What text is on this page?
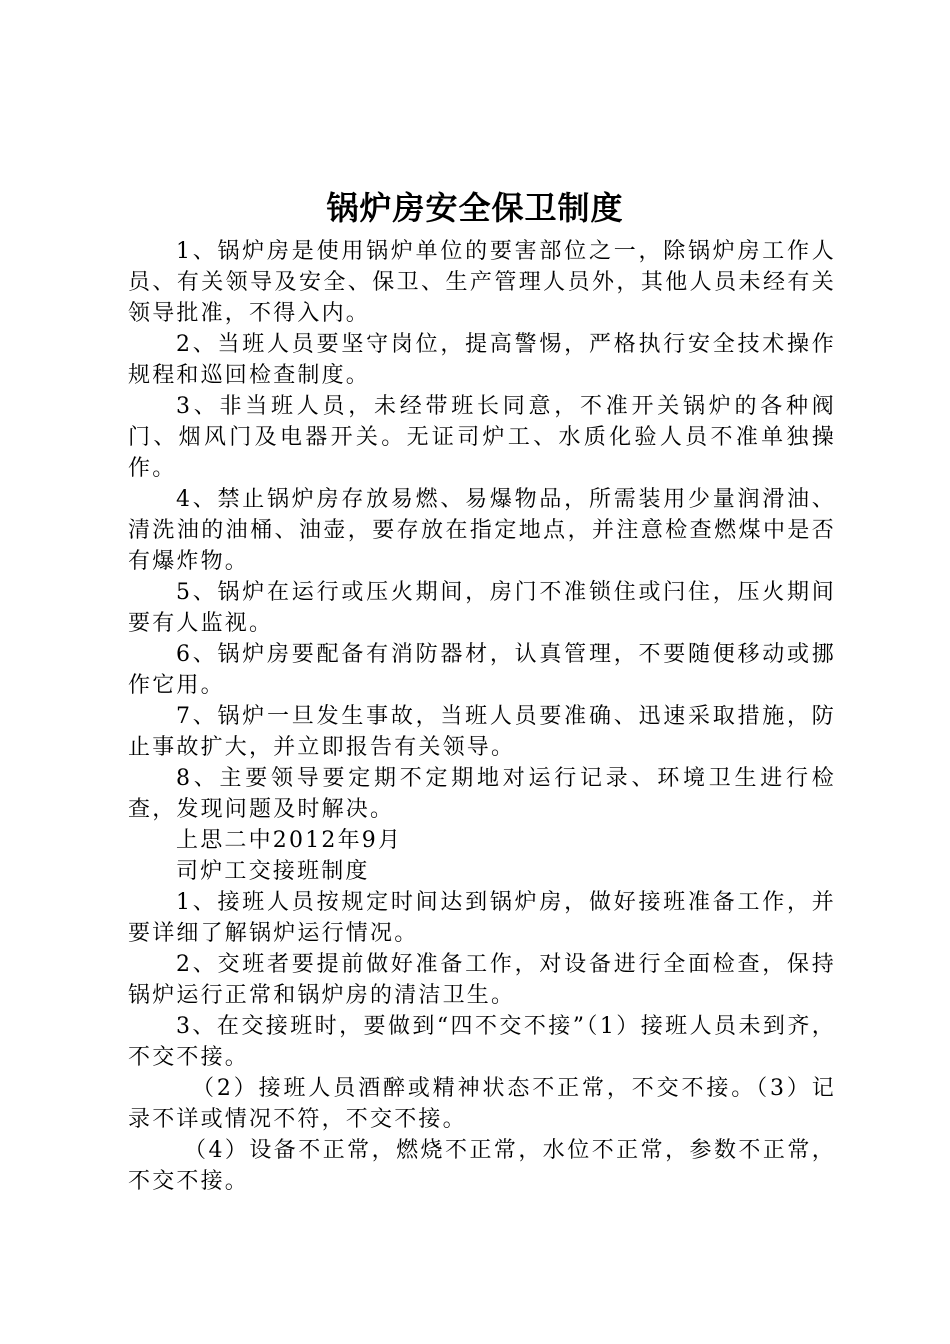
锅炉房安全保卫制度

1、锅炉房是使用锅炉单位的要害部位之一，除锅炉房工作人员、有关领导及安全、保卫、生产管理人员外，其他人员未经有关领导批准，不得入内。

2、当班人员要坚守岗位，提高警惕，严格执行安全技术操作规程和巡回检查制度。

3、非当班人员，未经带班长同意，不准开关锅炉的各种阀门、烟风门及电器开关。无证司炉工、水质化验人员不准单独操作。

4、禁止锅炉房存放易燃、易爆物品，所需装用少量润滑油、清洗油的油桶、油壶，要存放在指定地点，并注意检查燃煤中是否有爆炸物。

5、锅炉在运行或压火期间，房门不准锁住或闩住，压火期间要有人监视。

6、锅炉房要配备有消防器材，认真管理，不要随便移动或挪作它用。

7、锅炉一旦发生事故，当班人员要准确、迅速采取措施，防止事故扩大，并立即报告有关领导。

8、主要领导要定期不定期地对运行记录、环境卫生进行检查，发现问题及时解决。

上思二中2012年9月

司炉工交接班制度

1、接班人员按规定时间达到锅炉房，做好接班准备工作，并要详细了解锅炉运行情况。

2、交班者要提前做好准备工作，对设备进行全面检查，保持锅炉运行正常和锅炉房的清洁卫生。

3、在交接班时，要做到“四不交不接”（1）接班人员未到齐，不交不接。

（2）接班人员酒醉或精神状态不正常，不交不接。（3）记录不详或情况不符，不交不接。

（4）设备不正常，燃烧不正常，水位不正常，参数不正常，不交不接。
